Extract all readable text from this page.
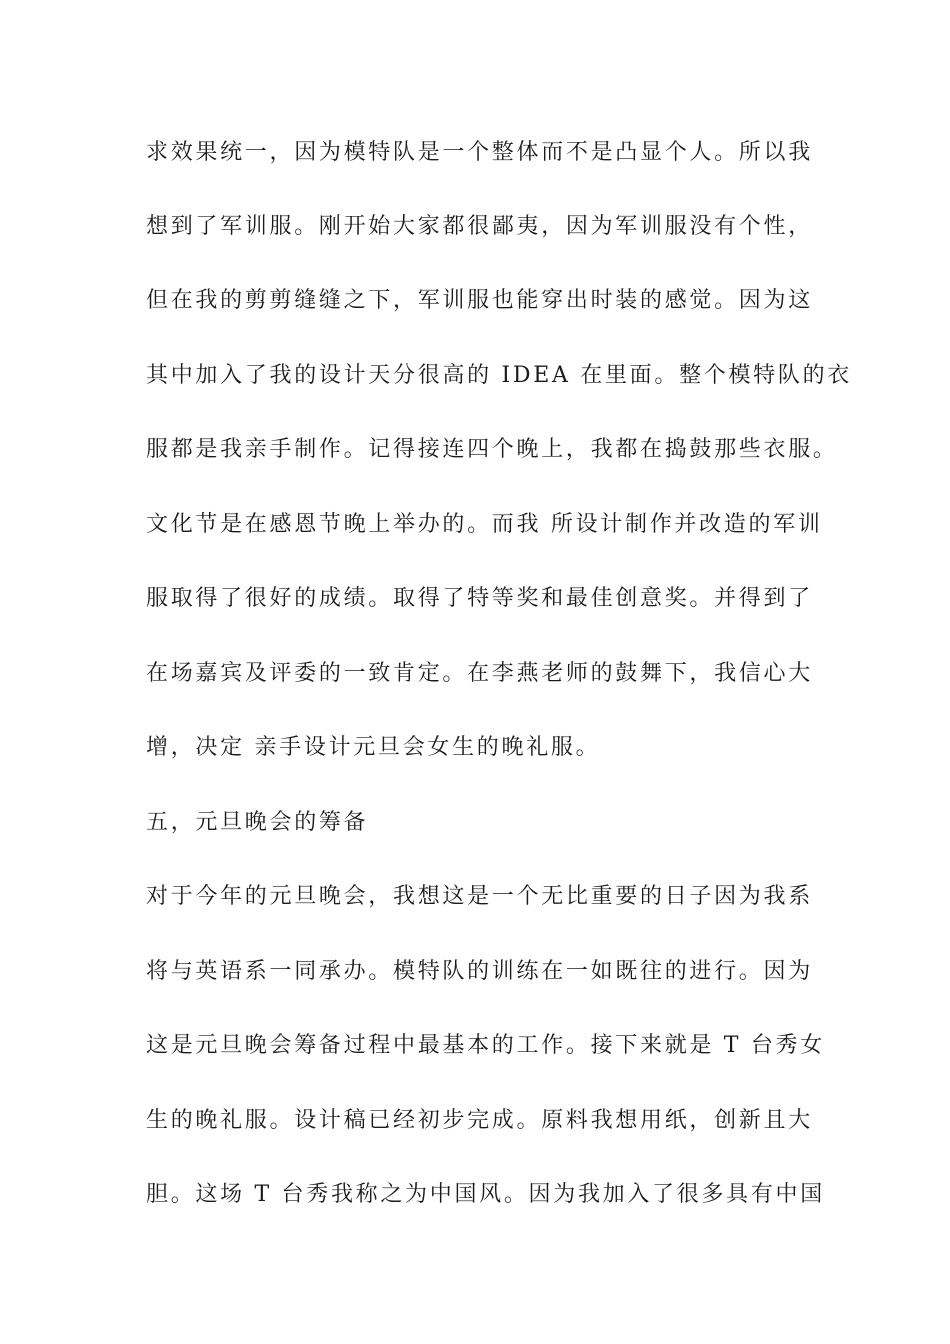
求效果统一，因为模特队是一个整体而不是凸显个人。所以我
想到了军训服。刚开始大家都很鄙夷，因为军训服没有个性，
但在我的剪剪缝缝之下，军训服也能穿出时装的感觉。因为这
其中加入了我的设计天分很高的 IDEA 在里面。整个模特队的衣
服都是我亲手制作。记得接连四个晚上，我都在捣鼓那些衣服。
文化节是在感恩节晚上举办的。而我 所设计制作并改造的军训
服取得了很好的成绩。取得了特等奖和最佳创意奖。并得到了
在场嘉宾及评委的一致肯定。在李燕老师的鼓舞下，我信心大
增，决定 亲手设计元旦会女生的晚礼服。
五，元旦晚会的筹备
对于今年的元旦晚会，我想这是一个无比重要的日子因为我系
将与英语系一同承办。模特队的训练在一如既往的进行。因为
这是元旦晚会筹备过程中最基本的工作。接下来就是 T 台秀女
生的晚礼服。设计稿已经初步完成。原料我想用纸，创新且大
胆。这场 T 台秀我称之为中国风。因为我加入了很多具有中国
